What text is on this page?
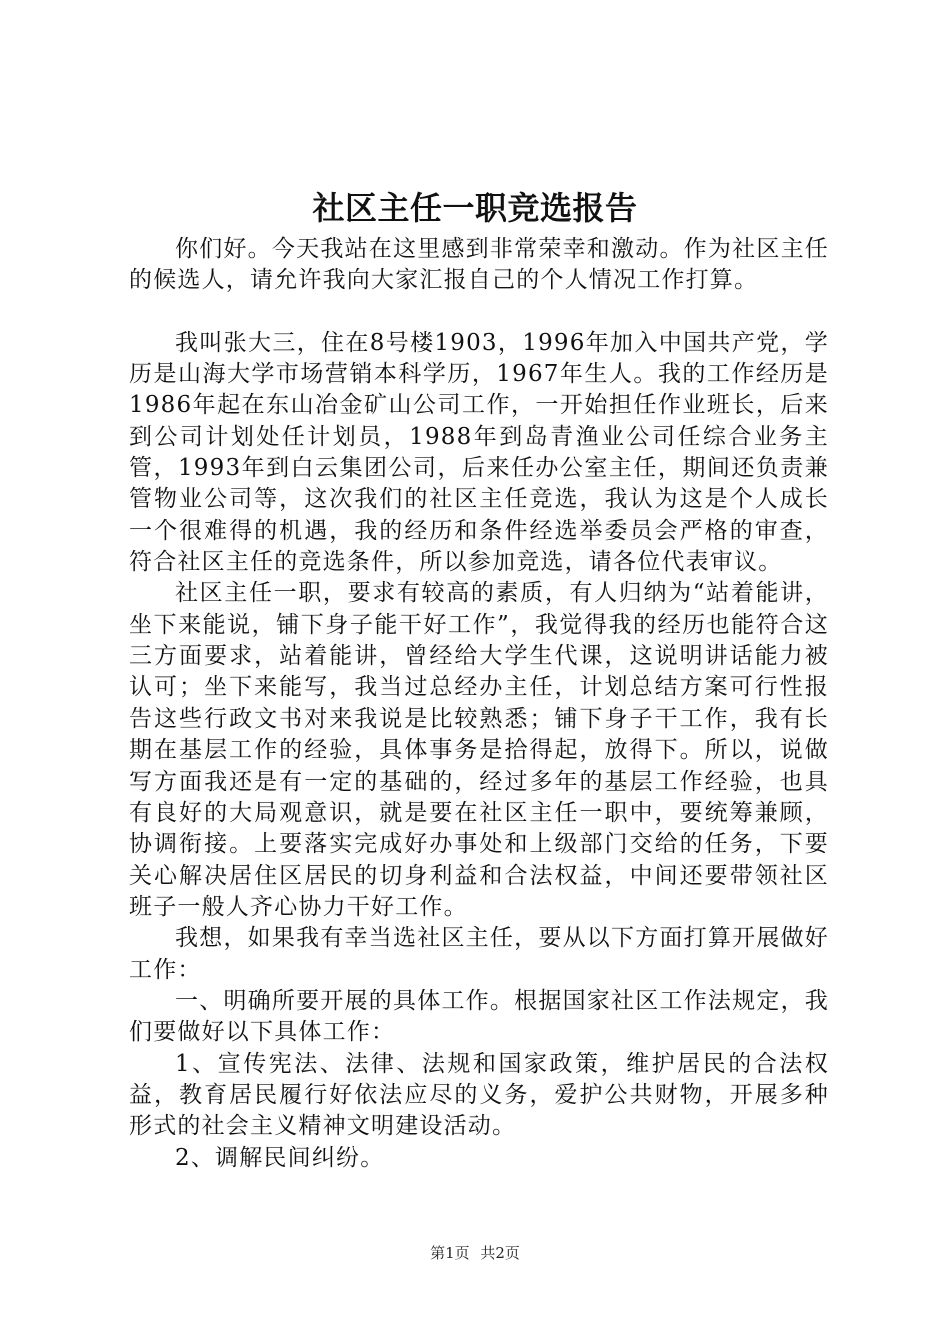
社区主任一职竞选报告

你们好。今天我站在这里感到非常荣幸和激动。作为社区主任的候选人，请允许我向大家汇报自己的个人情况工作打算。

我叫张大三，住在8号楼1903，1996年加入中国共产党，学历是山海大学市场营销本科学历，1967年生人。我的工作经历是1986年起在东山冶金矿山公司工作，一开始担任作业班长，后来到公司计划处任计划员，1988年到岛青渔业公司任综合业务主管，1993年到白云集团公司，后来任办公室主任，期间还负责兼管物业公司等，这次我们的社区主任竞选，我认为这是个人成长一个很难得的机遇，我的经历和条件经选举委员会严格的审查，符合社区主任的竞选条件，所以参加竞选，请各位代表审议。

社区主任一职，要求有较高的素质，有人归纳为“站着能讲，坐下来能说，铺下身子能干好工作”，我觉得我的经历也能符合这三方面要求，站着能讲，曾经给大学生代课，这说明讲话能力被认可；坐下来能写，我当过总经办主任，计划总结方案可行性报告这些行政文书对来我说是比较熟悉；铺下身子干工作，我有长期在基层工作的经验，具体事务是拾得起，放得下。所以，说做写方面我还是有一定的基础的，经过多年的基层工作经验，也具有良好的大局观意识，就是要在社区主任一职中，要统筹兼顾，协调衔接。上要落实完成好办事处和上级部门交给的任务，下要关心解决居住区居民的切身利益和合法权益，中间还要带领社区班子一般人齐心协力干好工作。

我想，如果我有幸当选社区主任，要从以下方面打算开展做好工作：

一、明确所要开展的具体工作。根据国家社区工作法规定，我们要做好以下具体工作：

1、宣传宪法、法律、法规和国家政策，维护居民的合法权益，教育居民履行好依法应尽的义务，爱护公共财物，开展多种形式的社会主义精神文明建设活动。

2、调解民间纠纷。

第1页 共2页
